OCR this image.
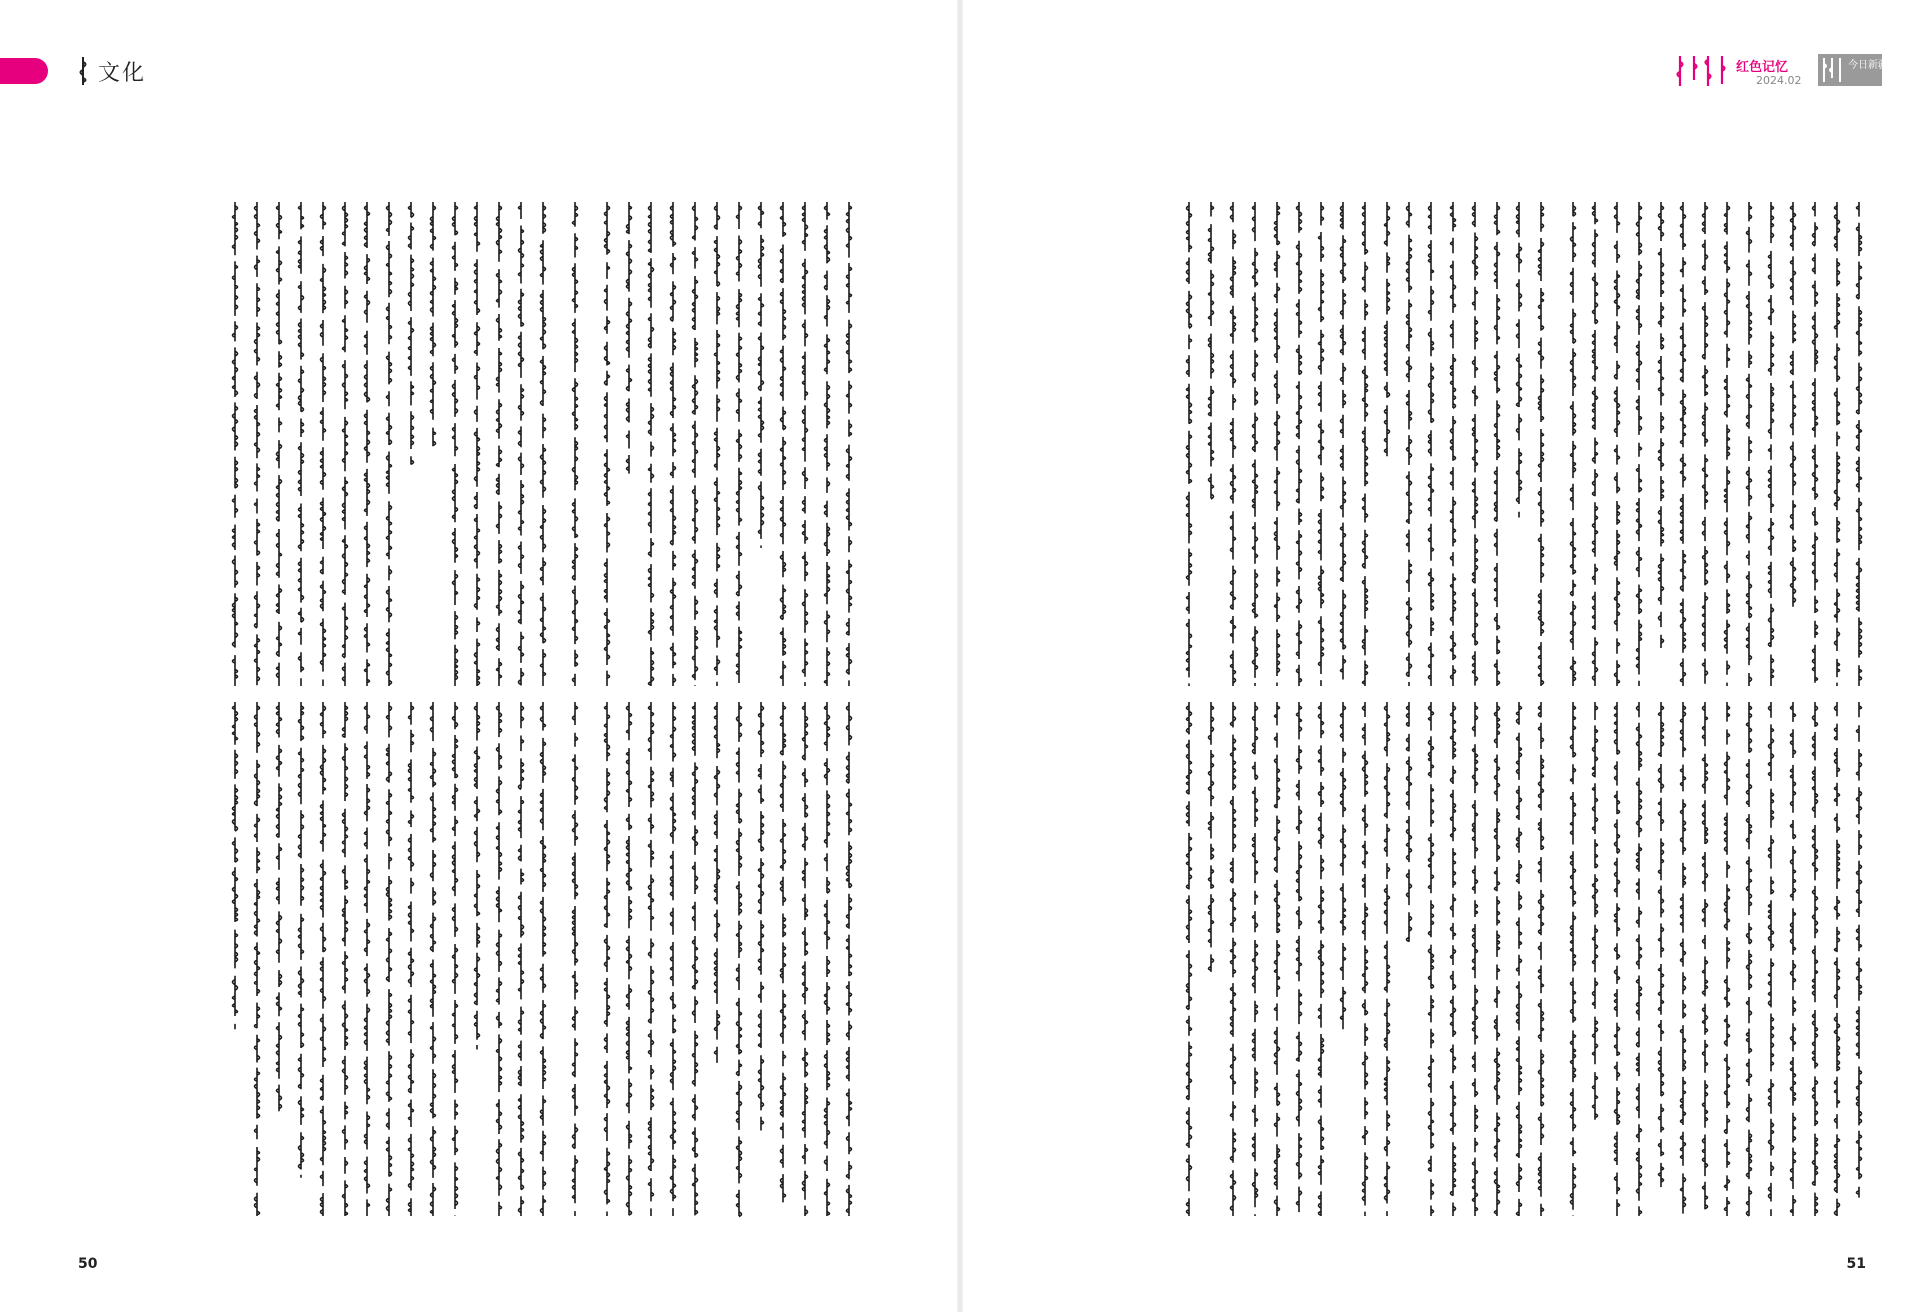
文化
50
红色记忆
2024.02
今日新疆
51
